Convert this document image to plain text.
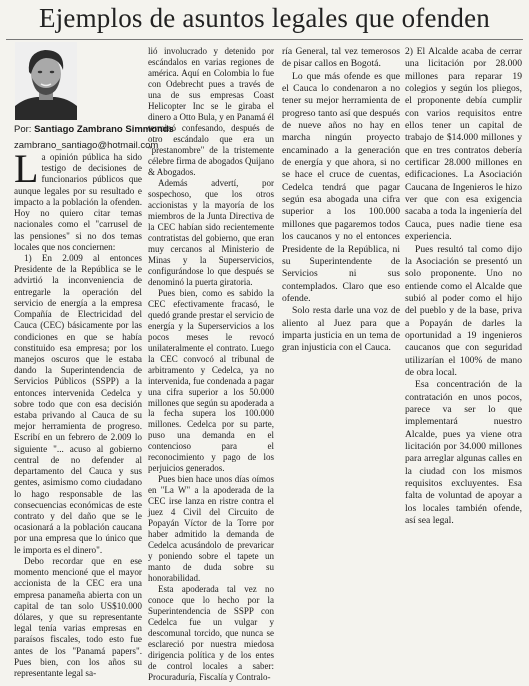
Ejemplos de asuntos legales que ofenden
Por: Santiago Zambrano Simmonds
zambrano_santiago@hotmail.com

La opinión pública ha sido testigo de decisiones de funcionarios públicos que aunque legales por su resultado e impacto a la población la ofenden. Hoy no quiero citar temas nacionales como el "carrusel de las pensiones" si no dos temas locales que nos conciernen:

1) En 2.009 al entonces Presidente de la República se le advirtió la inconveniencia de entregarle la operación del servicio de energía a la empresa Compañía de Electricidad del Cauca (CEC) básicamente por las condiciones en que se había constituido esa empresa; por los manejos oscuros que le estaba dando la Superintendencia de Servicios Públicos (SSPP) a la entonces intervenida Cedelca y sobre todo que con esa decisión estaba privando al Cauca de su mejor herramienta de progreso. Escribí en un febrero de 2.009 lo siguiente "... acuso al gobierno central de no defender al departamento del Cauca y sus gentes, asimismo como ciudadano lo hago responsable de las consecuencias económicas de este contrato y del daño que se le ocasionará a la población caucana por una empresa que lo único que le importa es el dinero".

Debo recordar que en ese momento mencioné que el mayor accionista de la CEC era una empresa panameña abierta con un capital de tan solo US$10.000 dólares, y que su representante legal tenía varias empresas en paraísos fiscales, todo esto fue antes de los "Panamá papers". Pues bien, con los años su representante legal sa-

lió involucrado y detenido por escándalos en varias regiones de américa. Aquí en Colombia lo fue con Odebrecht pues a través de una de sus empresas Coast Helicopter Inc se le giraba el dinero a Otto Bula, y en Panamá él terminó confesando, después de otro escándalo que era un "prestanombre" de la tristemente célebre firma de abogados Quijano & Abogados.

Además advertí, por sospechoso, que los otros accionistas y la mayoría de los miembros de la Junta Directiva de la CEC habían sido recientemente contratistas del gobierno, que eran muy cercanos al Ministerio de Minas y la Superservicios, configurándose lo que después se denominó la puerta giratoria.

Pues bien, como es sabido la CEC efectivamente fracasó, le quedó grande prestar el servicio de energía y la Superservicios a los pocos meses le revocó unilateralmente el contrato. Luego la CEC convocó al tribunal de arbitramento y Cedelca, ya no intervenida, fue condenada a pagar una cifra superior a los 50.000 millones que según su apoderada a la fecha supera los 100.000 millones. Cedelca por su parte, puso una demanda en el contencioso para el reconocimiento y pago de los perjuicios generados.

Pues bien hace unos días oímos en "La W" a la apoderada de la CEC irse lanza en ristre contra el juez 4 Civil del Circuito de Popayán Víctor de la Torre por haber admitido la demanda de Cedelca acusándolo de prevaricar y poniendo sobre el tapete un manto de duda sobre su honorabilidad.

Esta apoderada tal vez no conoce que lo hecho por la Superintendencia de SSPP con Cedelca fue un vulgar y descomunal torcido, que nunca se esclareció por nuestra miedosa dirigencia política y de los entes de control locales a saber: Procuraduría, Fiscalía y Contralo-

ría General, tal vez temerosos de pisar callos en Bogotá.

Lo que más ofende es que el Cauca lo condenaron a no tener su mejor herramienta de progreso tanto así que después de nueve años no hay en marcha ningún proyecto encaminado a la generación de energía y que ahora, si no se hace el cruce de cuentas, Cedelca tendrá que pagar según esa abogada una cifra superior a los 100.000 millones que pagaremos todos los caucanos y no el entonces Presidente de la República, ni su Superintendente de Servicios ni sus contemplados. Claro que eso ofende.

Solo resta darle una voz de aliento al Juez para que imparta justicia en un tema de gran injusticia con el Cauca.

2) El Alcalde acaba de cerrar una licitación por 28.000 millones para reparar 19 colegios y según los pliegos, el proponente debía cumplir con varios requisitos entre ellos tener un capital de trabajo de $14.000 millones y que en tres contratos debería certificar 28.000 millones en edificaciones. La Asociación Caucana de Ingenieros le hizo ver que con esa exigencia sacaba a toda la ingeniería del Cauca, pues nadie tiene esa experiencia.

Pues resultó tal como dijo la Asociación se presentó un solo proponente. Uno no entiende como el Alcalde que subió al poder como el hijo del pueblo y de la base, priva a Popayán de darles la oportunidad a 19 ingenieros caucanos que con seguridad utilizarían el 100% de mano de obra local.

Esa concentración de la contratación en unos pocos, parece va ser lo que implementará nuestro Alcalde, pues ya viene otra licitación por 34.000 millones para arreglar algunas calles en la ciudad con los mismos requisitos excluyentes. Esa falta de voluntad de apoyar a los locales también ofende, así sea legal.
